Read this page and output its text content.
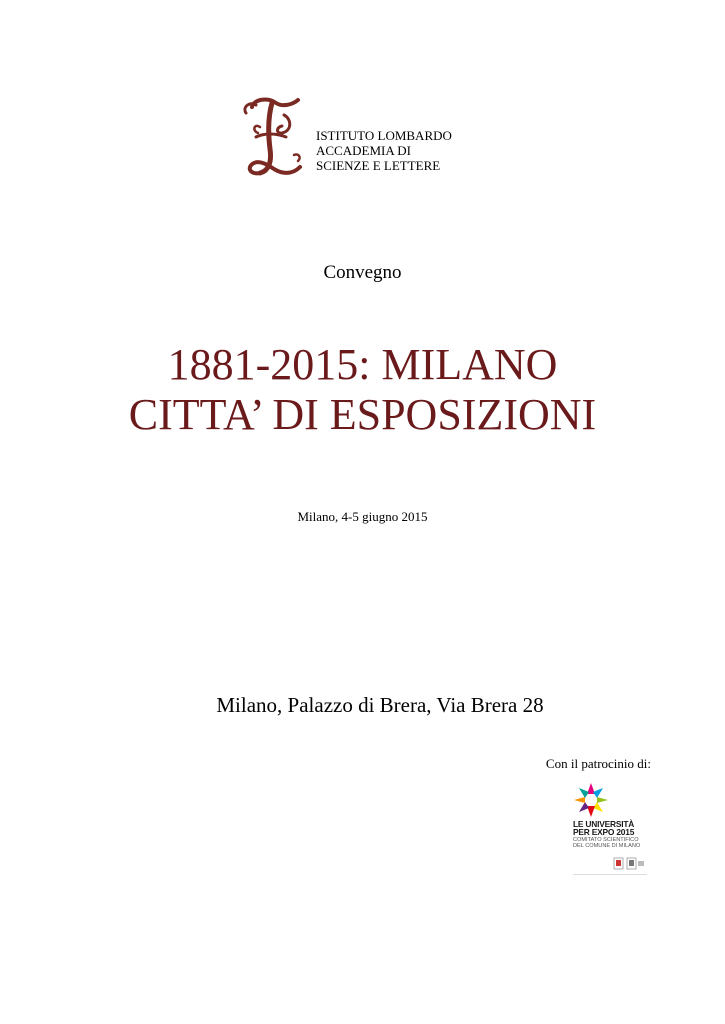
ISTITUTO LOMBARDO
ACCADEMIA DI
SCIENZE E LETTERE
Convegno
1881-2015: MILANO
CITTA’ DI ESPOSIZIONI
Milano, 4-5 giugno 2015
Milano, Palazzo di Brera, Via Brera 28
Con il patrocinio di:
LE UNIVERSITÀ
PER EXPO 2015
COMITATO SCIENTIFICO
DEL COMUNE DI MILANO
